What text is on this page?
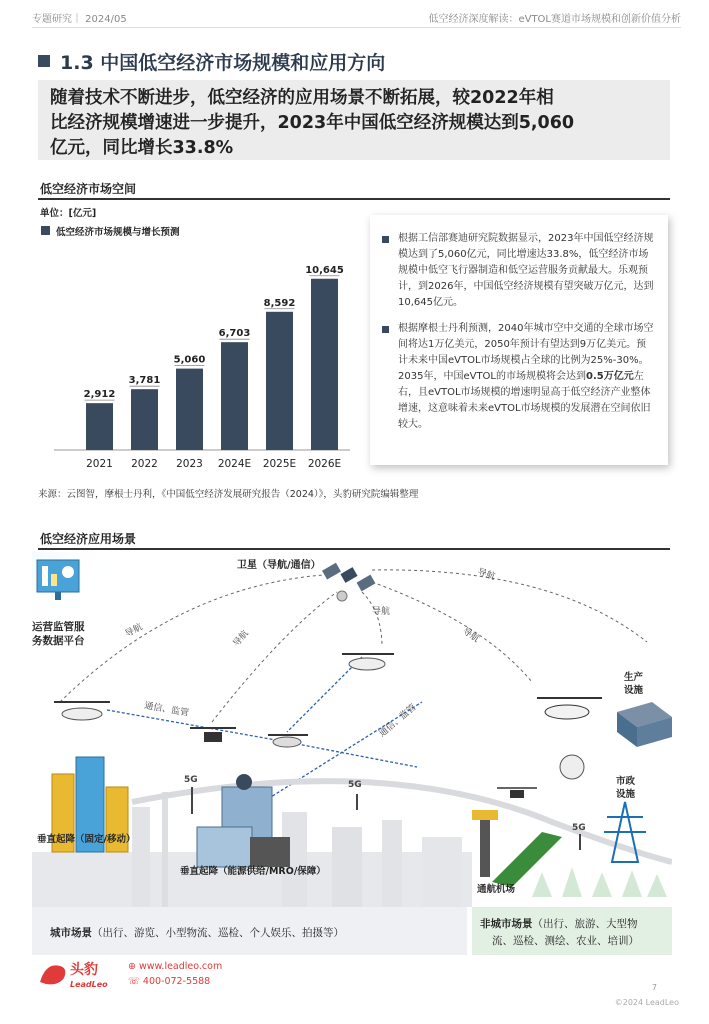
专题研究｜ 2024/05	低空经济深度解读：eVTOL赛道市场规模和创新价值分析
1.3 中国低空经济市场规模和应用方向
随着技术不断进步，低空经济的应用场景不断拓展，较2022年相
比经济规模增速进一步提升，2023年中国低空经济规模达到5,060
亿元，同比增长33.8%
低空经济市场空间
单位：[亿元]
低空经济市场规模与增长预测
2,912
2021
3,781
2022
5,060
2023
6,703
2024E
8,592
2025E
10,645
2026E
根据工信部赛迪研究院数据显示，2023年中国低空经济规模达到了5,060亿元，同比增速达33.8%，低空经济市场规模中低空飞行器制造和低空运营服务贡献最大。乐观预计，到2026年，中国低空经济规模有望突破万亿元，达到10,645亿元。
根据摩根士丹利预测，2040年城市空中交通的全球市场空间将达1万亿美元，2050年预计有望达到9万亿美元。预计未来中国eVTOL市场规模占全球的比例为25%-30%。2035年，中国eVTOL的市场规模将会达到0.5万亿元左右，且eVTOL市场规模的增速明显高于低空经济产业整体增速，这意味着未来eVTOL市场规模的发展潜在空间依旧较大。
来源：云图智，摩根士丹利，《中国低空经济发展研究报告（2024）》，头豹研究院编辑整理
低空经济应用场景
运营监管服
务数据平台
卫星（导航/通信）
导航	导航
导航
导航
导航
通信、监管	通信、监管
垂直起降（固定/移动）
垂直起降（能源供给/MRO/保障）
5G	5G
5G
通航机场
生产
设施
市政
设施
城市场景（出行、游览、小型物流、巡检、个人娱乐、拍摄等）
非城市场景（出行、旅游、大型物
流、巡检、测绘、农业、培训）
头豹
LeadLeo
⊕ www.leadleo.com
☏ 400-072-5588
7
©2024 LeadLeo
